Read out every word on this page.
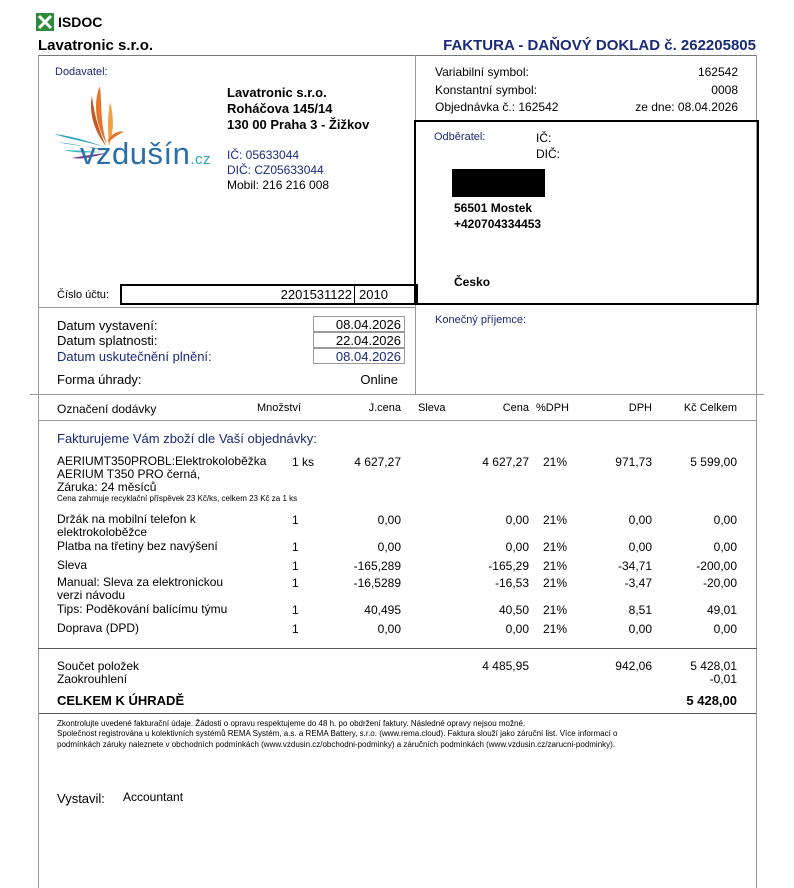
ISDOC
Lavatronic s.r.o.	FAKTURA - DAŇOVÝ DOKLAD č. 262205805
Dodavatel:
vzdušín.cz
Lavatronic s.r.o.
Roháčova 145/14
130 00 Praha 3 - Žižkov
IČ: 05633044
DIČ: CZ05633044
Mobil: 216 216 008
Číslo účtu:	2201531122 2010
Variabilní symbol:	162542
Konstantní symbol:	0008
Objednávka č.: 162542	ze dne: 08.04.2026
Odběratel:	IČ:
DIČ:
56501 Mostek
+420704334453
Česko
Konečný příjemce:
Datum vystavení:	08.04.2026
Datum splatnosti:	22.04.2026
Datum uskutečnění plnění:	08.04.2026
Forma úhrady:	Online
Označení dodávky	Množství	J.cena Sleva	Cena %DPH	DPH	Kč Celkem
Fakturujeme Vám zboží dle Vaší objednávky:
AERIUMT350PROBL:Elektrokoloběžka
AERIUM T350 PRO černá,
Záruka: 24 měsíců
Cena zahrnuje recyklační příspěvek 23 Kč/ks, celkem 23 Kč za 1 ks
1 ks	4 627,27	4 627,27 21%	971,73	5 599,00
Držák na mobilní telefon k
elektrokoloběžce
1	0,00	0,00 21%	0,00	0,00
Platba na třetiny bez navýšení	1	0,00	0,00 21%	0,00	0,00
Sleva	1	-165,289	-165,29 21%	-34,71	-200,00
Manual: Sleva za elektronickou
verzi návodu
1	-16,5289	-16,53 21%	-3,47	-20,00
Tips: Poděkování balícímu týmu	1	40,495	40,50 21%	8,51	49,01
Doprava (DPD)	1	0,00	0,00 21%	0,00	0,00
Součet položek	4 485,95	942,06	5 428,01
Zaokrouhlení	-0,01
CELKEM K ÚHRADĚ	5 428,00
Zkontrolujte uvedené fakturační údaje. Žádosti o opravu respektujeme do 48 h. po obdržení faktury. Následné opravy nejsou možné.
Společnost registrována u kolektivních systémů REMA Systém, a.s. a REMA Battery, s.r.o. (www.rema.cloud). Faktura slouží jako záruční list. Více informací o
podmínkách záruky naleznete v obchodních podmínkách (www.vzdusin.cz/obchodni-podminky) a záručních podmínkách (www.vzdusin.cz/zarucni-podminky).
Vystavil: Accountant
